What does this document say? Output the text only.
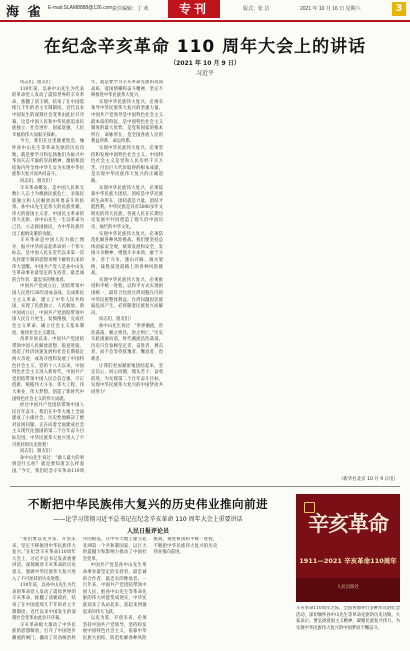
海 雀 E-mail:SLAM8888@126.com 责任编辑：丁 欢	专刊	版式：张 洁	2021 年 10 月 16 日 星期六	3
在纪念辛亥革命 110 周年大会上的讲话
（2021 年 10 月 9 日）
习近平

同志们，朋友们：

110年前，以孙中山先生为代表的革命党人发动了震惊世界的辛亥革命，推翻了清王朝，结束了在中国延续几千年的君主专制制度。近代以来中国发生的深刻社会变革由此拉开序幕，这是中国人民和中华民族追求民族独立、社会进步、国家富强、人民幸福的伟大而艰辛探索。

今天，我们在这里隆重集会，缅怀孙中山先生等革命先驱的历史功勋，就是要学习和弘扬他们为振兴中华而矢志不渝的崇高精神，激励和团结海内外全体中华儿女为实现中华民族伟大复兴而共同奋斗。

同志们、朋友们！

辛亥革命爆发，是中国人民和无数仁人志士为挽救民族危亡、争取民族独立和人民解放而英勇奋斗的结果。孙中山先生是伟大的民族英雄、伟大的爱国主义者、中国民主革命的伟大先驱。孙中山先生一生以革命为己任，立志救国救民，为中华民族作出了彪炳史册的贡献。

辛亥革命是中国人民为救亡图存、振兴中华而奋起革命的一个伟大标志，是中国人民在近代以来第一次从封建专制的思想束缚下解放出来的伟大觉醒。中国共产党人是孙中山先生革命事业最坚定的支持者、最忠诚的合作者、最忠实的继承者。

中国共产党成立后，团结带领中国人民进行28年浴血奋战，完成新民主主义革命，建立了中华人民共和国，实现了民族独立、人民解放。新中国成立后，中国共产党团结带领中国人民自力更生、发愤图强，完成社会主义革命，确立社会主义基本制度，推进社会主义建设。

改革开放以来，中国共产党团结带领中国人民解放思想、锐意进取，创造了经济快速发展和社会长期稳定两大奇迹，成功开创和发展了中国特色社会主义。党的十八大以来，中国特色社会主义进入新时代，中国共产党团结带领中国人民自信自强、守正创新，统揽伟大斗争、伟大工程、伟大事业、伟大梦想，创造了新时代中国特色社会主义的伟大成就。

经过中国共产党团结带领中国人民百年奋斗，我们在中华大地上全面建成了小康社会，历史性地解决了绝对贫困问题，正在向着全面建成社会主义现代化强国的第二个百年奋斗目标迈进。中华民族伟大复兴进入了不可逆转的历史进程！

同志们、朋友们！

孙中山先生说过：“做人最大的事情是什么呢？就是要知道怎么样爱国。”今天，我们纪念辛亥革命110周年，就是要学习辛亥革命先驱的高尚品质、爱国情操和奋斗精神，坚定不移推进中华民族伟大复兴。

实现中华民族伟大复兴，必须有领导中华民族伟大复兴的坚强力量。中国共产党领导是中国特色社会主义最本质的特征，是中国特色社会主义制度的最大优势，是党和国家的根本所在、命脉所在，是全国各族人民的利益所系、命运所系。

实现中华民族伟大复兴，必须坚持和发展中国特色社会主义。中国特色社会主义是党和人民历经千辛万苦、付出巨大代价取得的根本成就，是实现中华民族伟大复兴的正确道路。

实现中华民族伟大复兴，必须依靠中华民族大团结。团结是中华民族的生命所在，团结就是力量，团结才能胜利。中华民族是具有5000多年文明史的伟大民族，各族人民在长期历史发展中共同创造了悠久的中国历史、灿烂的中华文化。

实现中华民族伟大复兴，必须防范化解各种风险挑战。我们要坚持总体国家安全观，统筹发展和安全，发扬斗争精神，增强斗争本领，敢于斗争、善于斗争，逢山开路、遇水架桥，战胜前进道路上的各种风险挑战。

实现中华民族伟大复兴，必须推进和平统一进程。以和平方式实现祖国统一，最符合包括台湾同胞在内的中华民族整体利益。台湾问题因民族弱乱而产生，必将随着民族复兴而解决。

同志们、朋友们！

孙中山先生说过：“世界潮流，浩浩荡荡，顺之则昌，逆之则亡。”历史车轮滚滚向前，时代潮流浩浩荡荡。历史只会眷顾坚定者、奋进者、搏击者，而不会等待犹豫者、懈怠者、畏难者。

让我们更加紧密地团结起来，坚定信心、同心同德，埋头苦干、奋勇前进，为实现第二个百年奋斗目标、实现中华民族伟大复兴的中国梦而共同努力！

（新华社北京 10 月 9 日电）
不断把中华民族伟大复兴的历史伟业推向前进
——论学习贯彻习近平总书记在纪念辛亥革命 110 周年大会上重要讲话
人民日报评论员

“我们要以史为鉴、开创未来，坚定不移推进中华民族伟大复兴。”在纪念辛亥革命110周年大会上，习近平总书记发表重要讲话，深刻阐述辛亥革命的历史意义，强调中华民族伟大复兴进入了不可逆转的历史进程。

110年前，以孙中山先生为代表的革命党人发动了震惊世界的辛亥革命，推翻了清朝政府，结束了在中国延续几千年的君主专制制度，近代以来中国发生的深刻社会变革由此拉开序幕。

辛亥革命极大推动了中华民族的思想解放，打开了中国进步潮流的闸门，撼动了反动统治秩序的根基，在中华大地上建立起亚洲第一个共和制国家，以巨大的震撼力和影响力推动了中国社会变革。

中国共产党是孙中山先生革命事业最坚定的支持者、最忠诚的合作者、最忠实的继承者。一百年来，中国共产党团结带领中国人民，把孙中山先生等革命先驱的伟大夙愿变成现实，中华民族迎来了从站起来、富起来到强起来的伟大飞跃。

以史为鉴、开创未来，必须坚持中国共产党领导，坚持和发展中国特色社会主义，依靠中华民族大团结，防范化解各种风险挑战，推进祖国和平统一进程，不断把中华民族伟大复兴的历史伟业推向前进。

辛亥革命
1911—2021 辛亥革命110周年
人民出版社

辛亥革命110周年之际，全国各地举行多种形式的纪念活动，深切缅怀孙中山先生等革命先驱的历史功勋。大家表示，要弘扬爱国主义精神，凝聚民族复兴伟力，为实现中华民族伟大复兴的中国梦而不懈奋斗。
